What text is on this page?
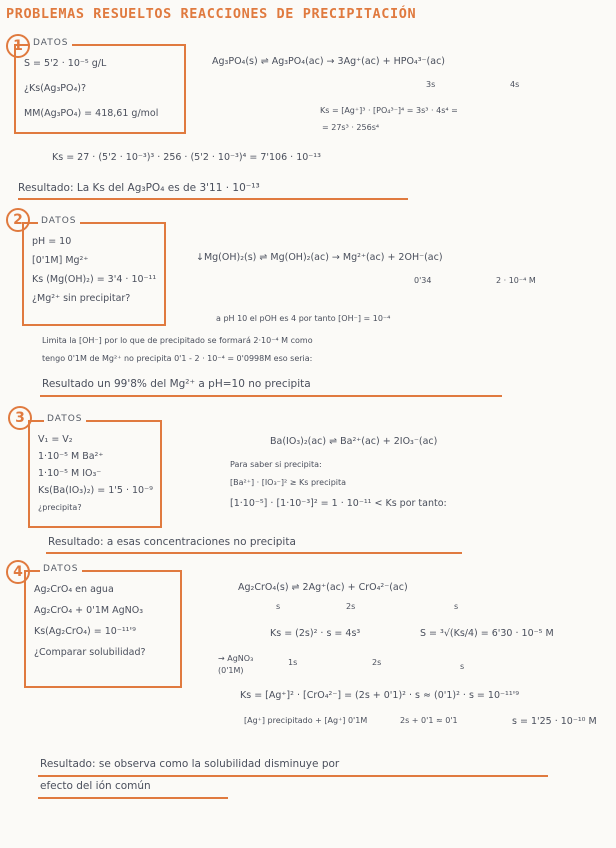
PROBLEMAS RESUELTOS REACCIONES DE PRECIPITACIÓN
1	DATOS
S = 5'2 · 10⁻⁵ g/L
¿Ks(Ag₃PO₄)?
MM(Ag₃PO₄) = 418,61 g/mol
Ag₃PO₄(s) ⇌ Ag₃PO₄(ac) → 3Ag⁺(ac) + HPO₄³⁻(ac)
3s	4s
Ks = [Ag⁺]³ · [PO₄³⁻]⁴ = 3s³ · 4s⁴ =
= 27s³ · 256s⁴
Ks = 27 · (5'2 · 10⁻³)³ · 256 · (5'2 · 10⁻³)⁴ = 7'106 · 10⁻¹³
Resultado: La Ks del Ag₃PO₄ es de 3'11 · 10⁻¹³
2	DATOS
pH = 10
[0'1M] Mg²⁺
Ks (Mg(OH)₂) = 3'4 · 10⁻¹¹
¿Mg²⁺ sin precipitar?
↓Mg(OH)₂(s) ⇌ Mg(OH)₂(ac) → Mg²⁺(ac) + 2OH⁻(ac)
0'34	2 · 10⁻⁴ M
a pH 10 el pOH es 4 por tanto [OH⁻] = 10⁻⁴
Limita la [OH⁻] por lo que de precipitado se formará 2·10⁻⁴ M como
tengo 0'1M de Mg²⁺ no precipita 0'1 - 2 · 10⁻⁴ = 0'0998M eso seria:
Resultado un 99'8% del Mg²⁺ a pH=10 no precipita
3	DATOS
V₁ = V₂
1·10⁻⁵ M Ba²⁺
1·10⁻⁵ M IO₃⁻
Ks(Ba(IO₃)₂) = 1'5 · 10⁻⁹
¿precipita?
Ba(IO₃)₂(ac) ⇌ Ba²⁺(ac) + 2IO₃⁻(ac)
Para saber si precipita:
[Ba²⁺] · [IO₃⁻]² ≥ Ks precipita
[1·10⁻⁵] · [1·10⁻³]² = 1 · 10⁻¹¹ < Ks por tanto:
Resultado: a esas concentraciones no precipita
4	DATOS
Ag₂CrO₄ en agua
Ag₂CrO₄ + 0'1M AgNO₃
Ks(Ag₂CrO₄) = 10⁻¹¹'⁹
¿Comparar solubilidad?
Ag₂CrO₄(s) ⇌ 2Ag⁺(ac) + CrO₄²⁻(ac)
s	2s	s
Ks = (2s)² · s = 4s³	S = ³√(Ks/4) = 6'30 · 10⁻⁵ M
→ AgNO₃
(0'1M)
1s	2s	s
Ks = [Ag⁺]² · [CrO₄²⁻] = (2s + 0'1)² · s ≈ (0'1)² · s = 10⁻¹¹'⁹
[Ag⁺] precipitado + [Ag⁺] 0'1M	2s + 0'1 ≈ 0'1	s = 1'25 · 10⁻¹⁰ M
Resultado: se observa como la solubilidad disminuye por
efecto del ión común
